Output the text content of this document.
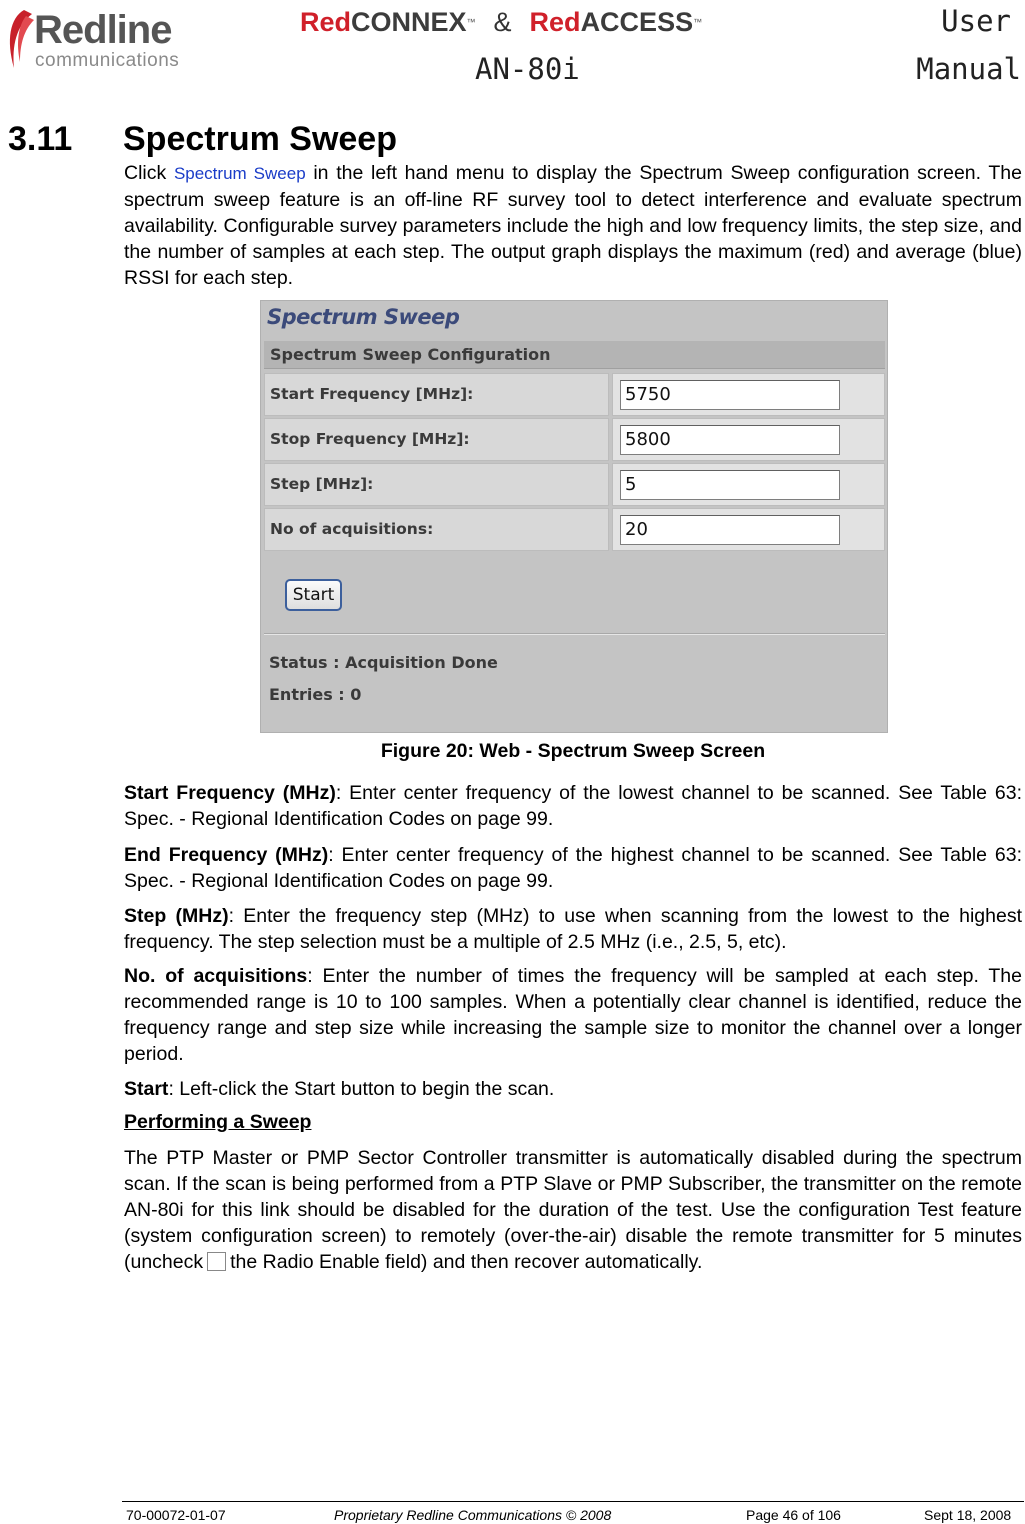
Redline
communications
Red CONNEX ™ & Red ACCESS ™
AN-80i
User
Manual
3.11 Spectrum Sweep
Click Spectrum Sweep in the left hand menu to display the Spectrum Sweep configuration screen. The spectrum sweep feature is an off-line RF survey tool to detect interference and evaluate spectrum availability. Configurable survey parameters include the high and low frequency limits, the step size, and the number of samples at each step. The output graph displays the maximum (red) and average (blue) RSSI for each step.
Spectrum Sweep
Spectrum Sweep Configuration
Start Frequency [MHz]:	5750
Stop Frequency [MHz]:	5800
Step [MHz]:	5
No of acquisitions:	20
Start
Status : Acquisition Done
Entries : 0
Figure 20: Web - Spectrum Sweep Screen
Start Frequency (MHz): Enter center frequency of the lowest channel to be scanned. See Table 63: Spec. - Regional Identification Codes on page 99.
End Frequency (MHz): Enter center frequency of the highest channel to be scanned. See Table 63: Spec. - Regional Identification Codes on page 99.
Step (MHz): Enter the frequency step (MHz) to use when scanning from the lowest to the highest frequency. The step selection must be a multiple of 2.5 MHz (i.e., 2.5, 5, etc).
No. of acquisitions: Enter the number of times the frequency will be sampled at each step. The recommended range is 10 to 100 samples. When a potentially clear channel is identified, reduce the frequency range and step size while increasing the sample size to monitor the channel over a longer period.
Start: Left-click the Start button to begin the scan.
Performing a Sweep
The PTP Master or PMP Sector Controller transmitter is automatically disabled during the spectrum scan. If the scan is being performed from a PTP Slave or PMP Subscriber, the transmitter on the remote AN-80i for this link should be disabled for the duration of the test. Use the configuration Test feature (system configuration screen) to remotely (over-the-air) disable the remote transmitter for 5 minutes (uncheck the Radio Enable field) and then recover automatically.
70-00072-01-07	Proprietary Redline Communications © 2008	Page 46 of 106	Sept 18, 2008
